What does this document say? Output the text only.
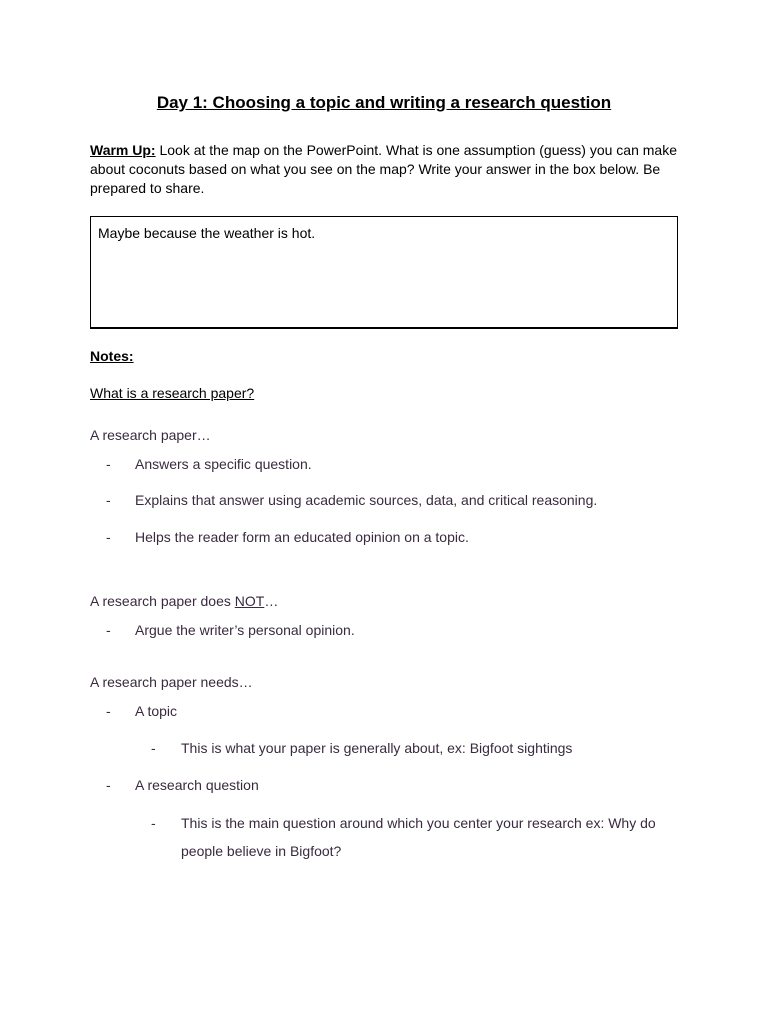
Day 1: Choosing a topic and writing a research question

Warm Up: Look at the map on the PowerPoint. What is one assumption (guess) you can make about coconuts based on what you see on the map? Write your answer in the box below. Be prepared to share.

Maybe because the weather is hot.

Notes:

What is a research paper?

A research paper…

- Answers a specific question.

- Explains that answer using academic sources, data, and critical reasoning.

- Helps the reader form an educated opinion on a topic.

A research paper does NOT…

- Argue the writer’s personal opinion.

A research paper needs…

- A topic

- This is what your paper is generally about, ex: Bigfoot sightings

- A research question

- This is the main question around which you center your research ex: Why do people believe in Bigfoot?
